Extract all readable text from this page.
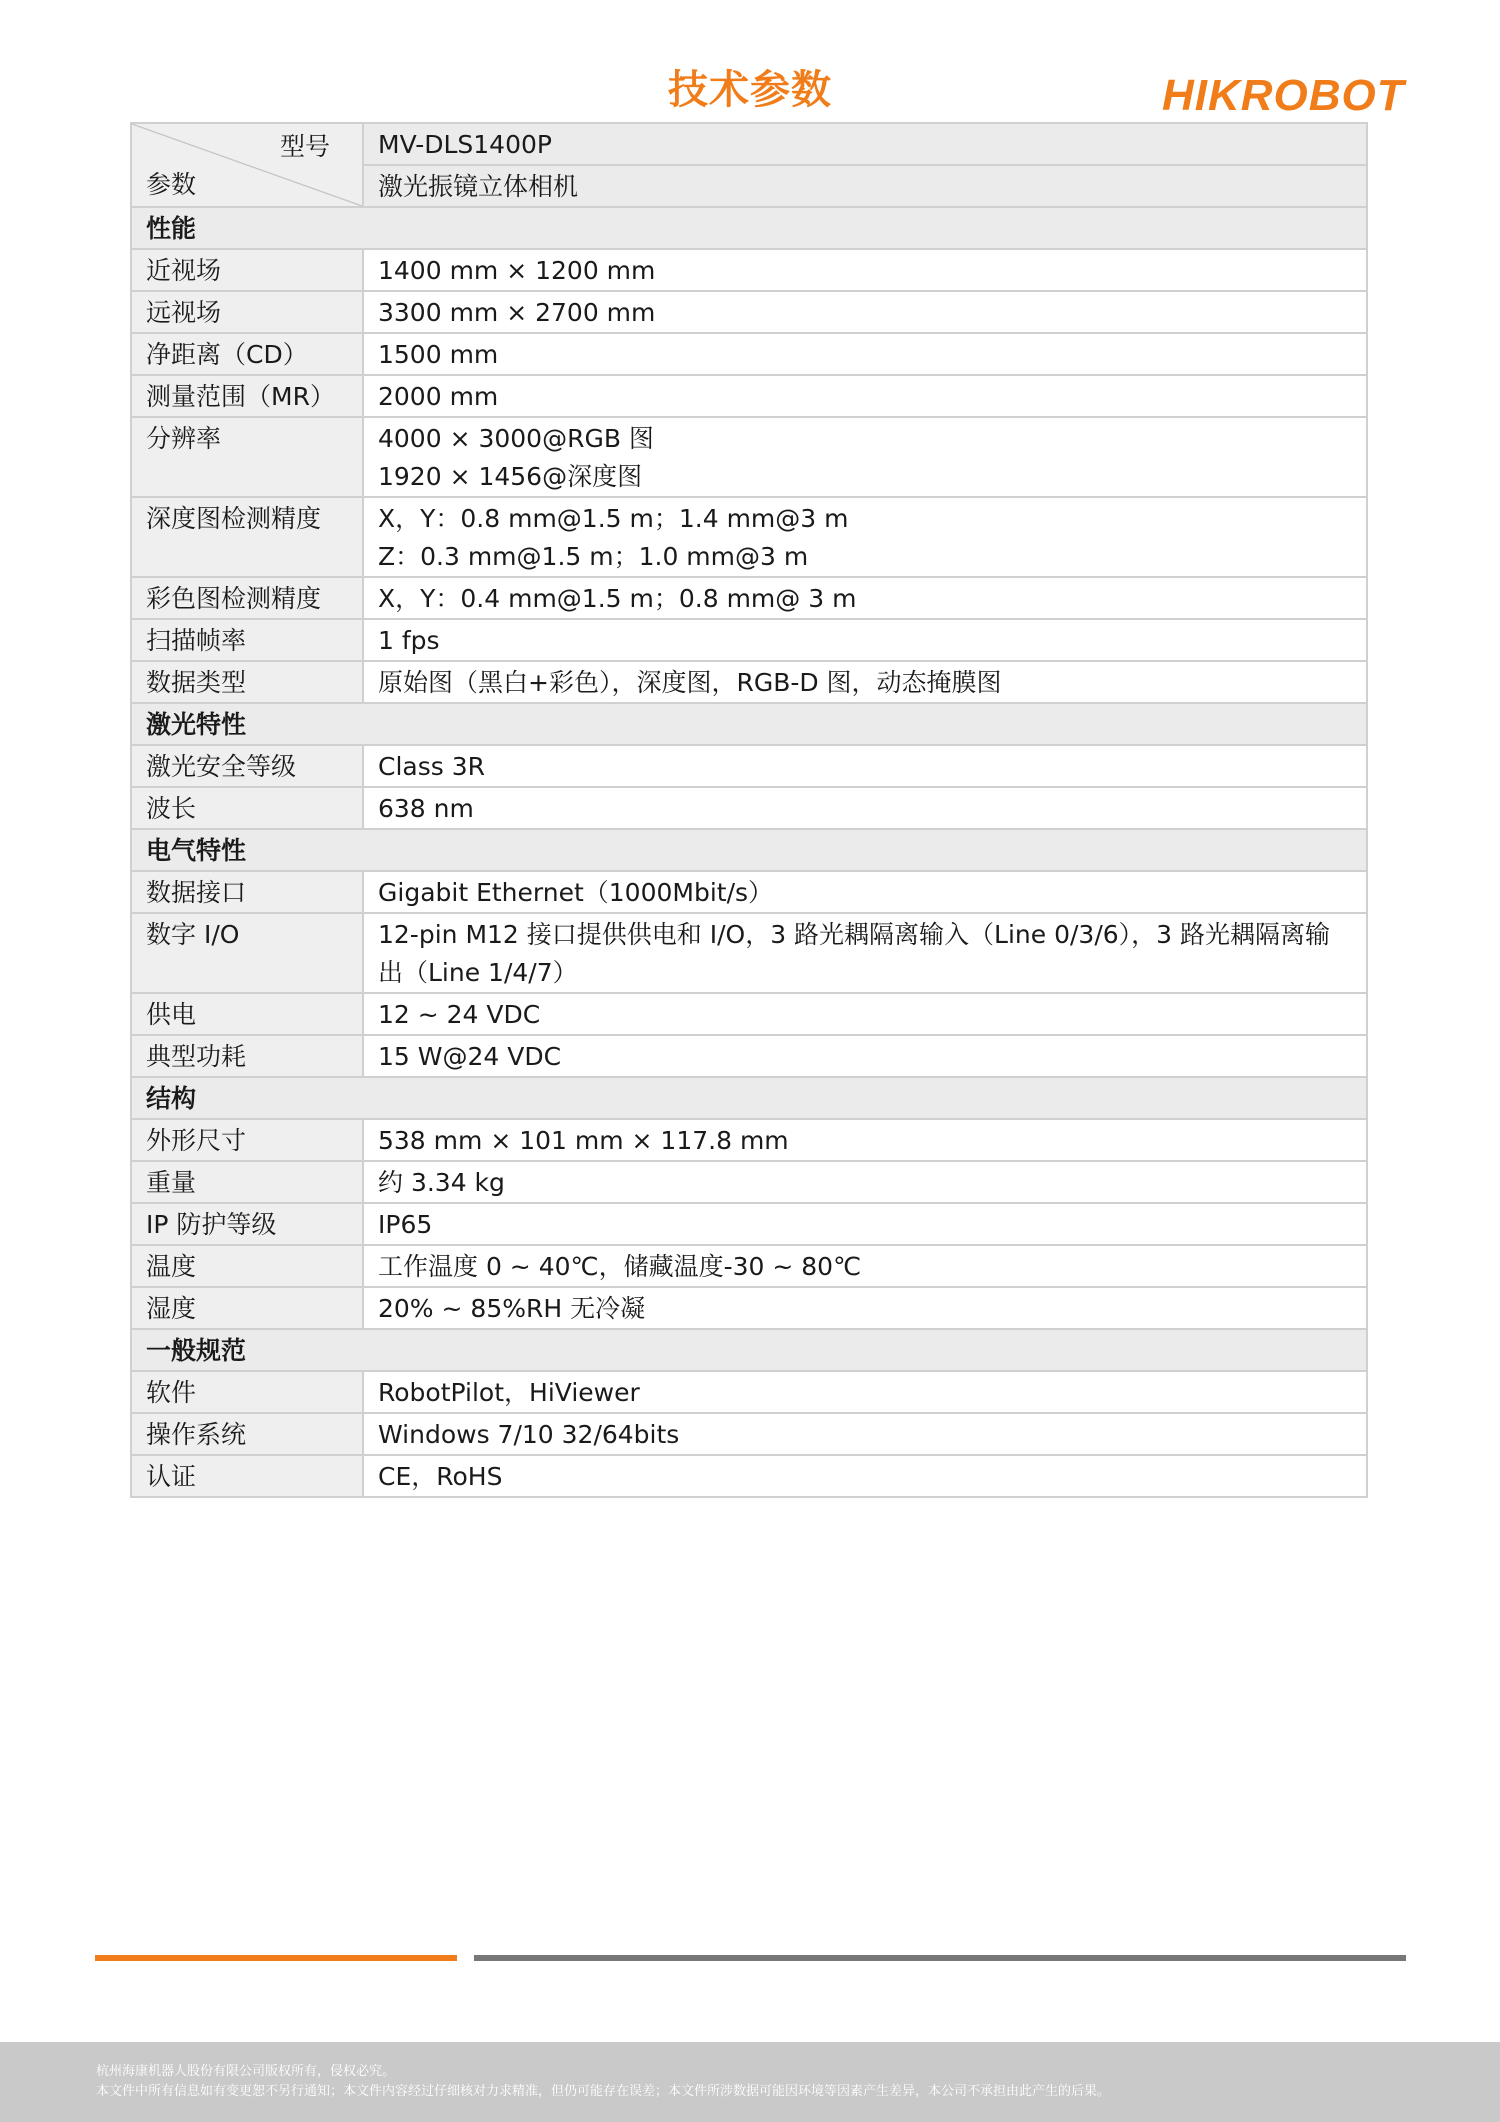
技术参数	HIKROBOT
型号
参数	MV-DLS1400P
	激光振镜立体相机
性能	
近视场	1400 mm × 1200 mm

远视场	3300 mm × 2700 mm

净距离（CD）	1500 mm

测量范围（MR）	2000 mm

分辨率	4000 × 3000@RGB 图
1920 × 1456@深度图

深度图检测精度	X，Y：0.8 mm@1.5 m；1.4 mm@3 m
Z：0.3 mm@1.5 m；1.0 mm@3 m

彩色图检测精度	X，Y：0.4 mm@1.5 m；0.8 mm@ 3 m

扫描帧率	1 fps

数据类型	原始图（黑白+彩色），深度图，RGB-D 图，动态掩膜图

激光特性	
激光安全等级	Class 3R

波长	638 nm

电气特性	
数据接口	Gigabit Ethernet（1000Mbit/s）

数字 I/O	12-pin M12 接口提供供电和 I/O，3 路光耦隔离输入（Line 0/3/6），3 路光耦隔离输
出（Line 1/4/7）

供电	12 ~ 24 VDC

典型功耗	15 W@24 VDC

结构	
外形尺寸	538 mm × 101 mm × 117.8 mm

重量	约 3.34 kg

IP 防护等级	IP65

温度	工作温度 0 ~ 40℃，储藏温度-30 ~ 80℃

湿度	20% ~ 85%RH 无冷凝

一般规范	
软件	RobotPilot，HiViewer

操作系统	Windows 7/10 32/64bits

认证	CE，RoHS
杭州海康机器人股份有限公司版权所有，侵权必究。
本文件中所有信息如有变更恕不另行通知；本文件内容经过仔细核对力求精准，但仍可能存在误差；本文件所涉数据可能因环境等因素产生差异，本公司不承担由此产生的后果。
